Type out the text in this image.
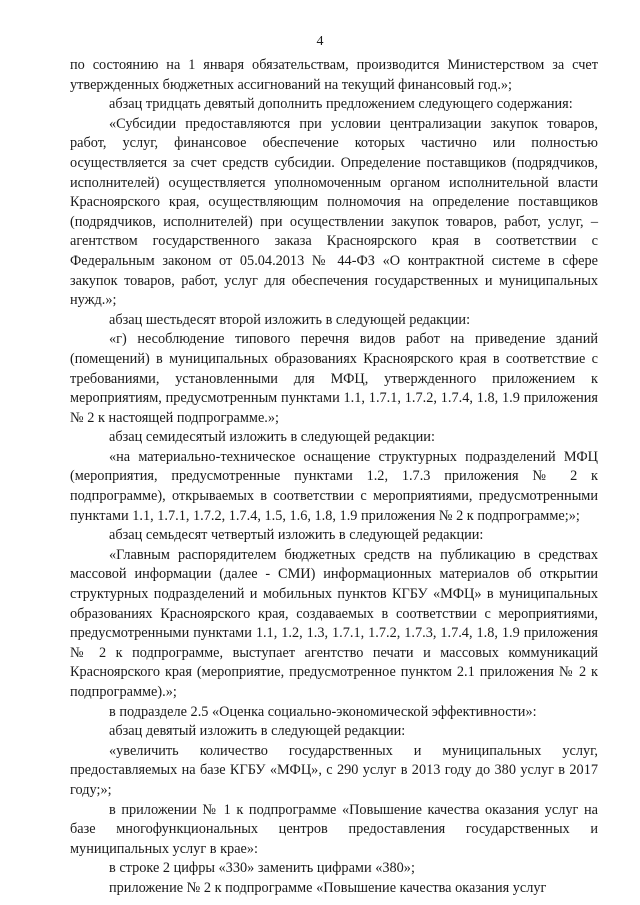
4

по состоянию на 1 января обязательствам, производится Министерством за счет утвержденных бюджетных ассигнований на текущий финансовый год.»;

абзац тридцать девятый дополнить предложением следующего содержания:

«Субсидии предоставляются при условии централизации закупок товаров, работ, услуг, финансовое обеспечение которых частично или полностью осуществляется за счет средств субсидии. Определение поставщиков (подрядчиков, исполнителей) осуществляется уполномоченным органом исполнительной власти Красноярского края, осуществляющим полномочия на определение поставщиков (подрядчиков, исполнителей) при осуществлении закупок товаров, работ, услуг, – агентством государственного заказа Красноярского края в соответствии с Федеральным законом от 05.04.2013 № 44-ФЗ «О контрактной системе в сфере закупок товаров, работ, услуг для обеспечения государственных и муниципальных нужд.»;

абзац шестьдесят второй изложить в следующей редакции:

«г) несоблюдение типового перечня видов работ на приведение зданий (помещений) в муниципальных образованиях Красноярского края в соответствие с требованиями, установленными для МФЦ, утвержденного приложением к мероприятиям, предусмотренным пунктами 1.1, 1.7.1, 1.7.2, 1.7.4, 1.8, 1.9 приложения № 2 к настоящей подпрограмме.»;

абзац семидесятый изложить в следующей редакции:

«на материально-техническое оснащение структурных подразделений МФЦ (мероприятия, предусмотренные пунктами 1.2, 1.7.3 приложения № 2 к подпрограмме), открываемых в соответствии с мероприятиями, предусмотренными пунктами 1.1, 1.7.1, 1.7.2, 1.7.4, 1.5, 1.6, 1.8, 1.9 приложения № 2 к подпрограмме;»;

абзац семьдесят четвертый изложить в следующей редакции:

«Главным распорядителем бюджетных средств на публикацию в средствах массовой информации (далее - СМИ) информационных материалов об открытии структурных подразделений и мобильных пунктов КГБУ «МФЦ» в муниципальных образованиях Красноярского края, создаваемых в соответствии с мероприятиями, предусмотренными пунктами 1.1, 1.2, 1.3, 1.7.1, 1.7.2, 1.7.3, 1.7.4, 1.8, 1.9 приложения № 2 к подпрограмме, выступает агентство печати и массовых коммуникаций Красноярского края (мероприятие, предусмотренное пунктом 2.1 приложения № 2 к подпрограмме).»;

в подразделе 2.5 «Оценка социально-экономической эффективности»:

абзац девятый изложить в следующей редакции:

«увеличить количество государственных и муниципальных услуг, предоставляемых на базе КГБУ «МФЦ», с 290 услуг в 2013 году до 380 услуг в 2017 году;»;

в приложении № 1 к подпрограмме «Повышение качества оказания услуг на базе многофункциональных центров предоставления государственных и муниципальных услуг в крае»:

в строке 2 цифры «330» заменить цифрами «380»;

приложение № 2 к подпрограмме «Повышение качества оказания услуг
